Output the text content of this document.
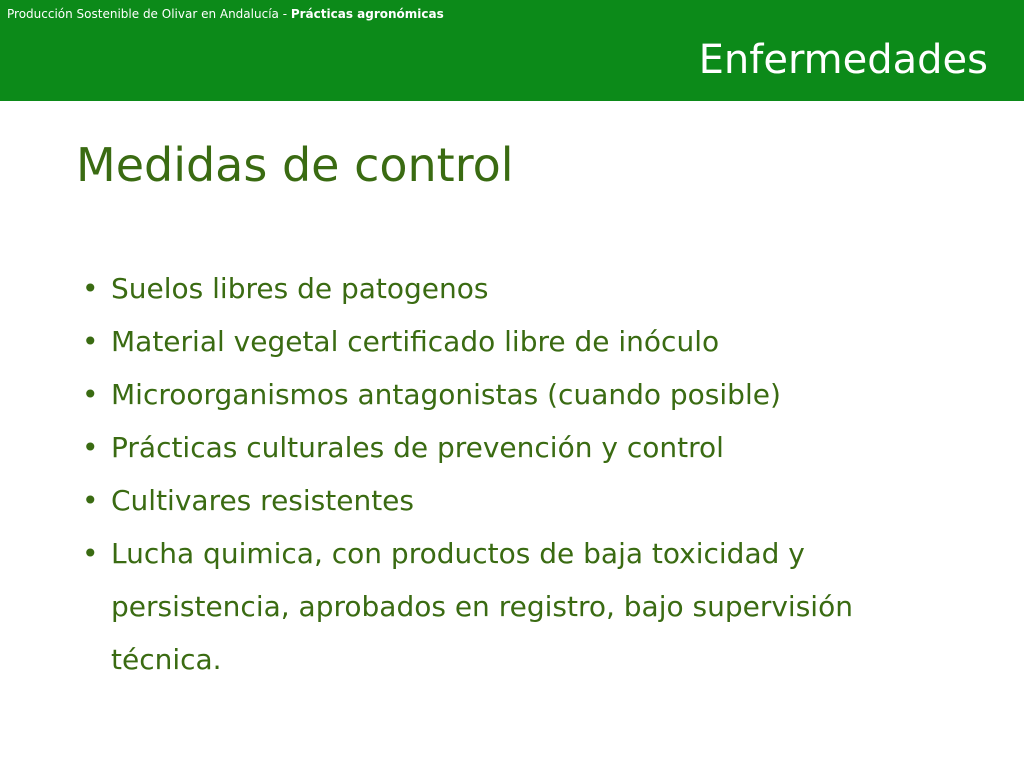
Producción Sostenible de Olivar en Andalucía - Prácticas agronómicas
Enfermedades
Medidas de control
• Suelos libres de patogenos
• Material vegetal certificado libre de inóculo
• Microorganismos antagonistas (cuando posible)
• Prácticas culturales de prevención y control
• Cultivares resistentes
• Lucha quimica, con productos de baja toxicidad y persistencia, aprobados en registro, bajo supervisión técnica.
